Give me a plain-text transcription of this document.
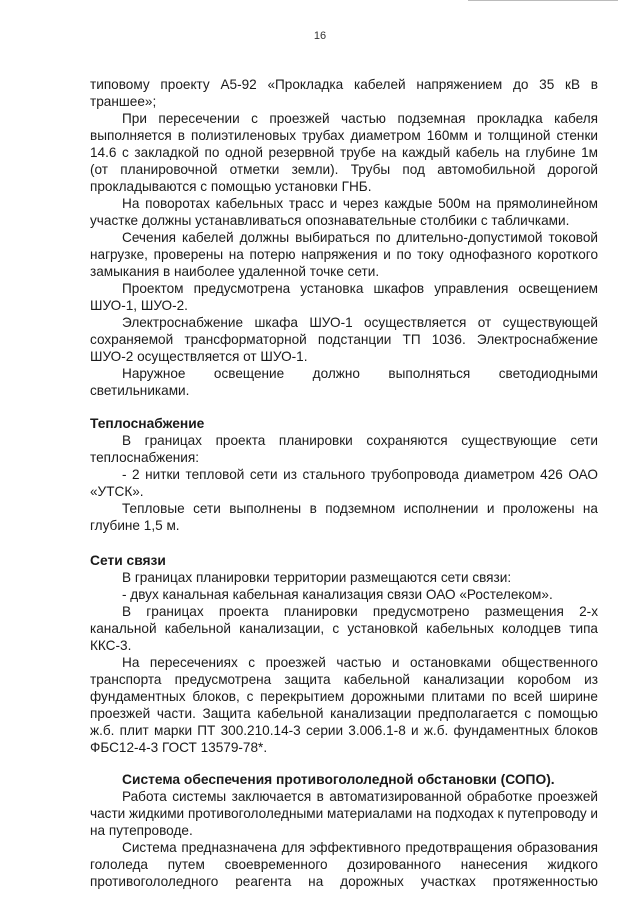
16

типовому проекту А5-92 «Прокладка кабелей напряжением до 35 кВ в траншее»;

При пересечении с проезжей частью подземная прокладка кабеля выполняется в полиэтиленовых трубах диаметром 160мм и толщиной стенки 14.6 с закладкой по одной резервной трубе на каждый кабель на глубине 1м (от планировочной отметки земли). Трубы под автомобильной дорогой прокладываются с помощью установки ГНБ.

На поворотах кабельных трасс и через каждые 500м на прямолинейном участке должны устанавливаться опознавательные столбики с табличками.

Сечения кабелей должны выбираться по длительно-допустимой токовой нагрузке, проверены на потерю напряжения и по току однофазного короткого замыкания в наиболее удаленной точке сети.

Проектом предусмотрена установка шкафов управления освещением ШУО-1, ШУО-2.

Электроснабжение шкафа ШУО-1 осуществляется от существующей сохраняемой трансформаторной подстанции ТП 1036. Электроснабжение ШУО-2 осуществляется от ШУО-1.

Наружное освещение должно выполняться светодиодными светильниками.

Теплоснабжение

В границах проекта планировки сохраняются существующие сети теплоснабжения:

- 2 нитки тепловой сети из стального трубопровода диаметром 426 ОАО «УТСК».

Тепловые сети выполнены в подземном исполнении и проложены на глубине 1,5 м.

Сети связи

В границах планировки территории размещаются сети связи:

- двух канальная кабельная канализация связи ОАО «Ростелеком».

В границах проекта планировки предусмотрено размещения 2-х канальной кабельной канализации, с установкой кабельных колодцев типа ККС-3.

На пересечениях с проезжей частью и остановками общественного транспорта предусмотрена защита кабельной канализации коробом из фундаментных блоков, с перекрытием дорожными плитами по всей ширине проезжей части. Защита кабельной канализации предполагается с помощью ж.б. плит марки ПТ 300.210.14-3 серии 3.006.1-8 и ж.б. фундаментных блоков ФБС12-4-3 ГОСТ 13579-78*.

Система обеспечения противогололедной обстановки (СОПО).

Работа системы заключается в автоматизированной обработке проезжей части жидкими противогололедными материалами на подходах к путепроводу и на путепроводе.

Система предназначена для эффективного предотвращения образования гололеда путем своевременного дозированного нанесения жидкого противогололедного реагента на дорожных участках протяженностью
